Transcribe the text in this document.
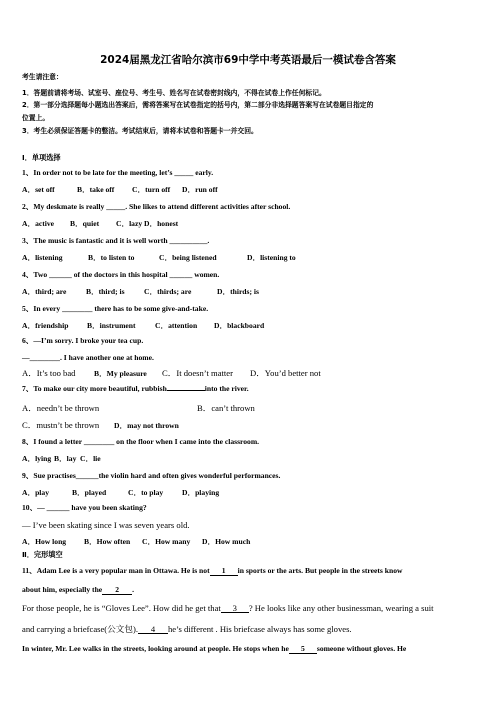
2024届黑龙江省哈尔滨市69中学中考英语最后一模试卷含答案
考生请注意：
1．答题前请将考场、试室号、座位号、考生号、姓名写在试卷密封线内，不得在试卷上作任何标记。
2．第一部分选择题每小题选出答案后，需将答案写在试卷指定的括号内，第二部分非选择题答案写在试卷题目指定的
位置上。
3．考生必须保证答题卡的整洁。考试结束后，请将本试卷和答题卡一并交回。
Ⅰ．单项选择
1、In order not to be late for the meeting, let’s _____ early.
A．set off	B．take off C．turn off D．run off
2、My deskmate is really _____. She likes to attend different activities after school.
A．active B．quiet C．lazy D．honest
3、The music is fantastic and it is well worth __________.
A．listening	B．to listen to	C．being listened	D．listening to
4、Two ______ of the doctors in this hospital ______ women.
A．third; are	B．third; is	C．thirds; are	D．thirds; is
5、In every ________ there has to be some give-and-take.
A．friendship B．instrument	C．attention D．blackboard
6、—I’m sorry. I broke your tea cup.
—________. I have another one at home.
A．It’s too bad B．My pleasure C．It doesn’t matter D．You’d better not
7、To make our city more beautiful, rubbish	into the river.
A．needn’t be thrown	B．can’t thrown
C．mustn’t be thrown D．may not thrown
8、I found a letter ________ on the floor when I came into the classroom.
A．lying B．lay C．lie
9、Sue practises______the violin hard and often gives wonderful performances.
A．play	B．played	C．to play D．playing
10、— ______ have you been skating?
— I’ve been skating since I was seven years old.
A．How long B．How often C．How many D．How much
Ⅱ．完形填空
11、Adam Lee is a very popular man in Ottawa. He is not 1 in sports or the arts. But people in the streets know
about him, especially the 2 .
For those people, he is “Gloves Lee”. How did he get that 3 ? He looks like any other businessman, wearing a suit
and carrying a briefcase(公文包). 4 he’s different . His briefcase always has some gloves.
In winter, Mr. Lee walks in the streets, looking around at people. He stops when he 5 someone without gloves. He
